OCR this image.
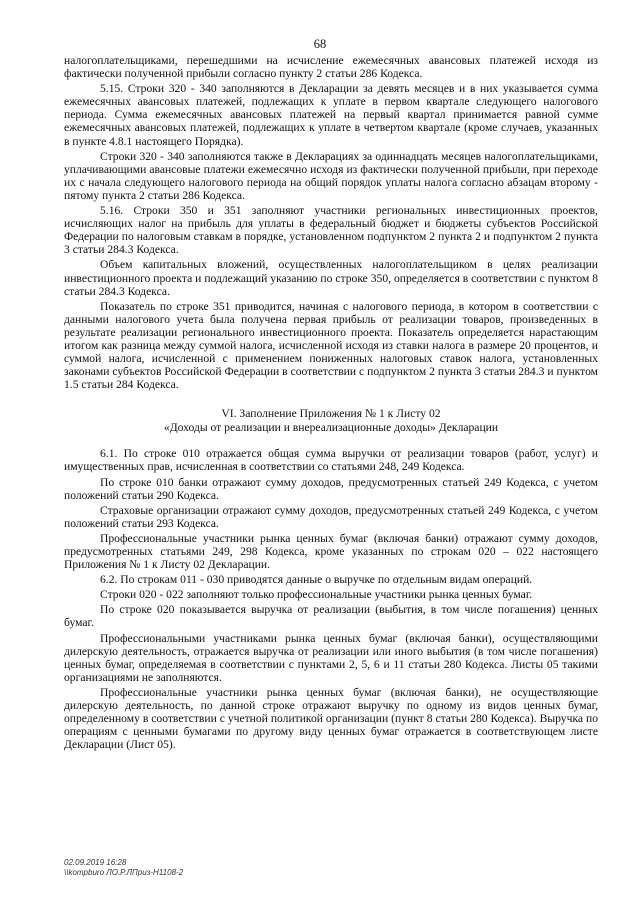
68

налогоплательщиками, перешедшими на исчисление ежемесячных авансовых платежей исходя из фактически полученной прибыли согласно пункту 2 статьи 286 Кодекса.

5.15. Строки 320 - 340 заполняются в Декларации за девять месяцев и в них указывается сумма ежемесячных авансовых платежей, подлежащих к уплате в первом квартале следующего налогового периода. Сумма ежемесячных авансовых платежей на первый квартал принимается равной сумме ежемесячных авансовых платежей, подлежащих к уплате в четвертом квартале (кроме случаев, указанных в пункте 4.8.1 настоящего Порядка).

Строки 320 - 340 заполняются также в Декларациях за одиннадцать месяцев налогоплательщиками, уплачивающими авансовые платежи ежемесячно исходя из фактически полученной прибыли, при переходе их с начала следующего налогового периода на общий порядок уплаты налога согласно абзацам второму - пятому пункта 2 статьи 286 Кодекса.

5.16. Строки 350 и 351 заполняют участники региональных инвестиционных проектов, исчисляющих налог на прибыль для уплаты в федеральный бюджет и бюджеты субъектов Российской Федерации по налоговым ставкам в порядке, установленном подпунктом 2 пункта 2 и подпунктом 2 пункта 3 статьи 284.3 Кодекса.

Объем капитальных вложений, осуществленных налогоплательщиком в целях реализации инвестиционного проекта и подлежащий указанию по строке 350, определяется в соответствии с пунктом 8 статьи 284.3 Кодекса.

Показатель по строке 351 приводится, начиная с налогового периода, в котором в соответствии с данными налогового учета была получена первая прибыль от реализации товаров, произведенных в результате реализации регионального инвестиционного проекта. Показатель определяется нарастающим итогом как разница между суммой налога, исчисленной исходя из ставки налога в размере 20 процентов, и суммой налога, исчисленной с применением пониженных налоговых ставок налога, установленных законами субъектов Российской Федерации в соответствии с подпунктом 2 пункта 3 статьи 284.3 и пунктом 1.5 статьи 284 Кодекса.

VI. Заполнение Приложения № 1 к Листу 02
«Доходы от реализации и внереализационные доходы» Декларации

6.1. По строке 010 отражается общая сумма выручки от реализации товаров (работ, услуг) и имущественных прав, исчисленная в соответствии со статьями 248, 249 Кодекса.

По строке 010 банки отражают сумму доходов, предусмотренных статьей 249 Кодекса, с учетом положений статьи 290 Кодекса.

Страховые организации отражают сумму доходов, предусмотренных статьей 249 Кодекса, с учетом положений статьи 293 Кодекса.

Профессиональные участники рынка ценных бумаг (включая банки) отражают сумму доходов, предусмотренных статьями 249, 298 Кодекса, кроме указанных по строкам 020 – 022 настоящего Приложения № 1 к Листу 02 Декларации.

6.2. По строкам 011 - 030 приводятся данные о выручке по отдельным видам операций.

Строки 020 - 022 заполняют только профессиональные участники рынка ценных бумаг.

По строке 020 показывается выручка от реализации (выбытия, в том числе погашения) ценных бумаг.

Профессиональными участниками рынка ценных бумаг (включая банки), осуществляющими дилерскую деятельность, отражается выручка от реализации или иного выбытия (в том числе погашения) ценных бумаг, определяемая в соответствии с пунктами 2, 5, 6 и 11 статьи 280 Кодекса. Листы 05 такими организациями не заполняются.

Профессиональные участники рынка ценных бумаг (включая банки), не осуществляющие дилерскую деятельность, по данной строке отражают выручку по одному из видов ценных бумаг, определенному в соответствии с учетной политикой организации (пункт 8 статьи 280 Кодекса). Выручка по операциям с ценными бумагами по другому виду ценных бумаг отражается в соответствующем листе Декларации (Лист 05).

02.09.2019 16:28
\\kompburo ЛО.Р.ЛПриз-Н1108-2
